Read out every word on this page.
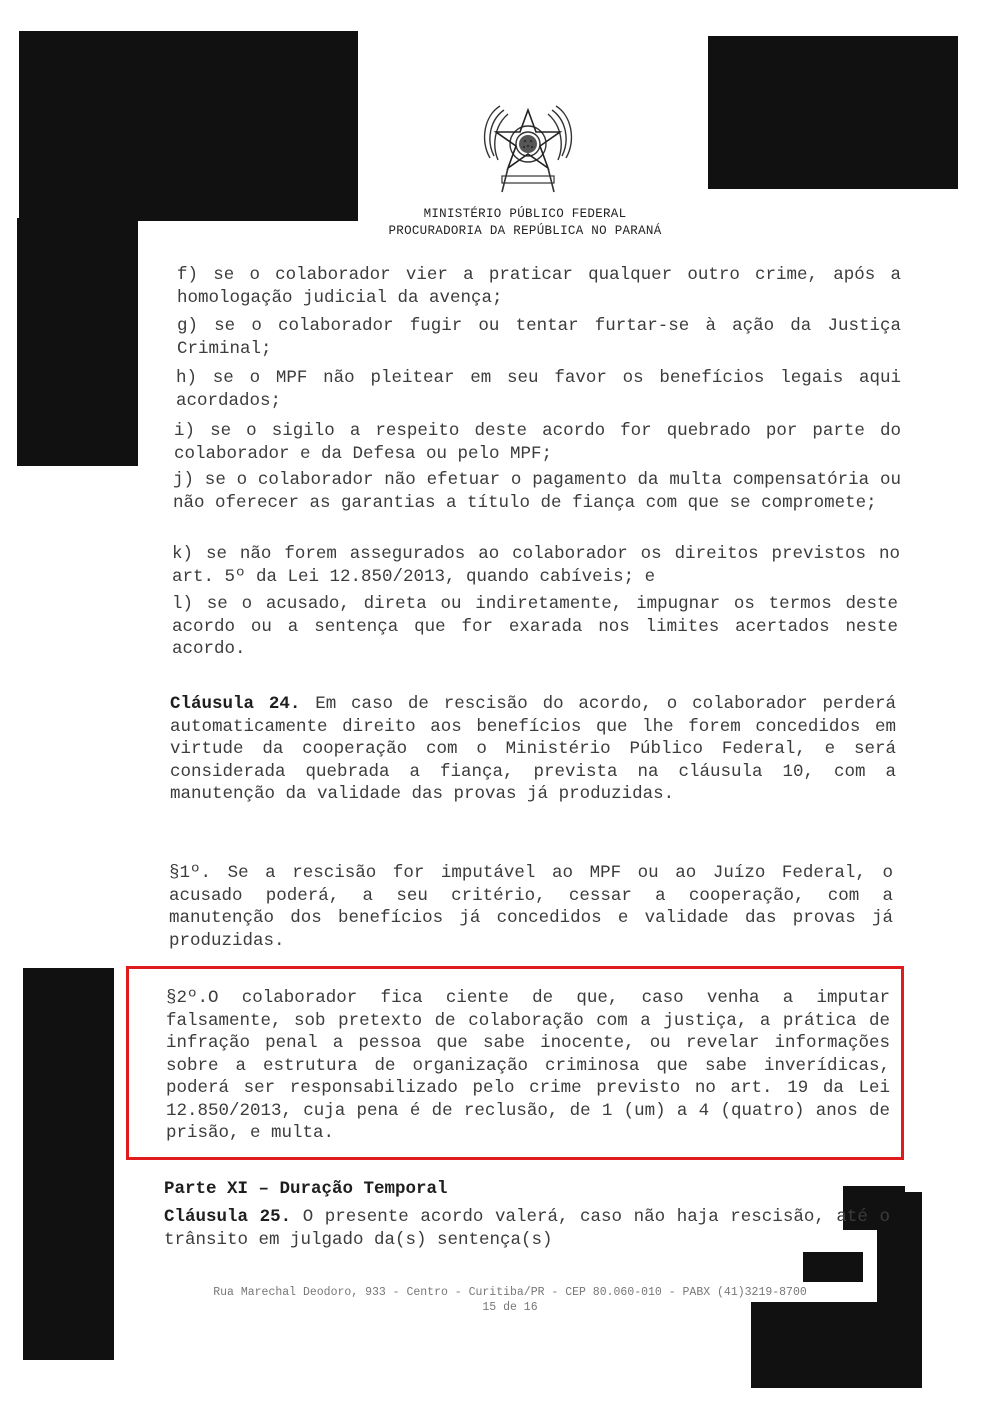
MINISTÉRIO PÚBLICO FEDERAL
PROCURADORIA DA REPÚBLICA NO PARANÁ
f) se o colaborador vier a praticar qualquer outro crime, após a homologação judicial da avença;
g) se o colaborador fugir ou tentar furtar-se à ação da Justiça Criminal;
h) se o MPF não pleitear em seu favor os benefícios legais aqui acordados;
i) se o sigilo a respeito deste acordo for quebrado por parte do colaborador e da Defesa ou pelo MPF;
j) se o colaborador não efetuar o pagamento da multa compensatória ou não oferecer as garantias a título de fiança com que se compromete;
k) se não forem assegurados ao colaborador os direitos previstos no art. 5º da Lei 12.850/2013, quando cabíveis; e
l) se o acusado, direta ou indiretamente, impugnar os termos deste acordo ou a sentença que for exarada nos limites acertados neste acordo.
Cláusula 24. Em caso de rescisão do acordo, o colaborador perderá automaticamente direito aos benefícios que lhe forem concedidos em virtude da cooperação com o Ministério Público Federal, e será considerada quebrada a fiança, prevista na cláusula 10, com a manutenção da validade das provas já produzidas.
§1º. Se a rescisão for imputável ao MPF ou ao Juízo Federal, o acusado poderá, a seu critério, cessar a cooperação, com a manutenção dos benefícios já concedidos e validade das provas já produzidas.
§2º.O colaborador fica ciente de que, caso venha a imputar falsamente, sob pretexto de colaboração com a justiça, a prática de infração penal a pessoa que sabe inocente, ou revelar informações sobre a estrutura de organização criminosa que sabe inverídicas, poderá ser responsabilizado pelo crime previsto no art. 19 da Lei 12.850/2013, cuja pena é de reclusão, de 1 (um) a 4 (quatro) anos de prisão, e multa.
Parte XI – Duração Temporal
Cláusula 25. O presente acordo valerá, caso não haja rescisão, até o trânsito em julgado da(s) sentença(s)
Rua Marechal Deodoro, 933 - Centro - Curitiba/PR - CEP 80.060-010 - PABX (41)3219-8700
15 de 16
